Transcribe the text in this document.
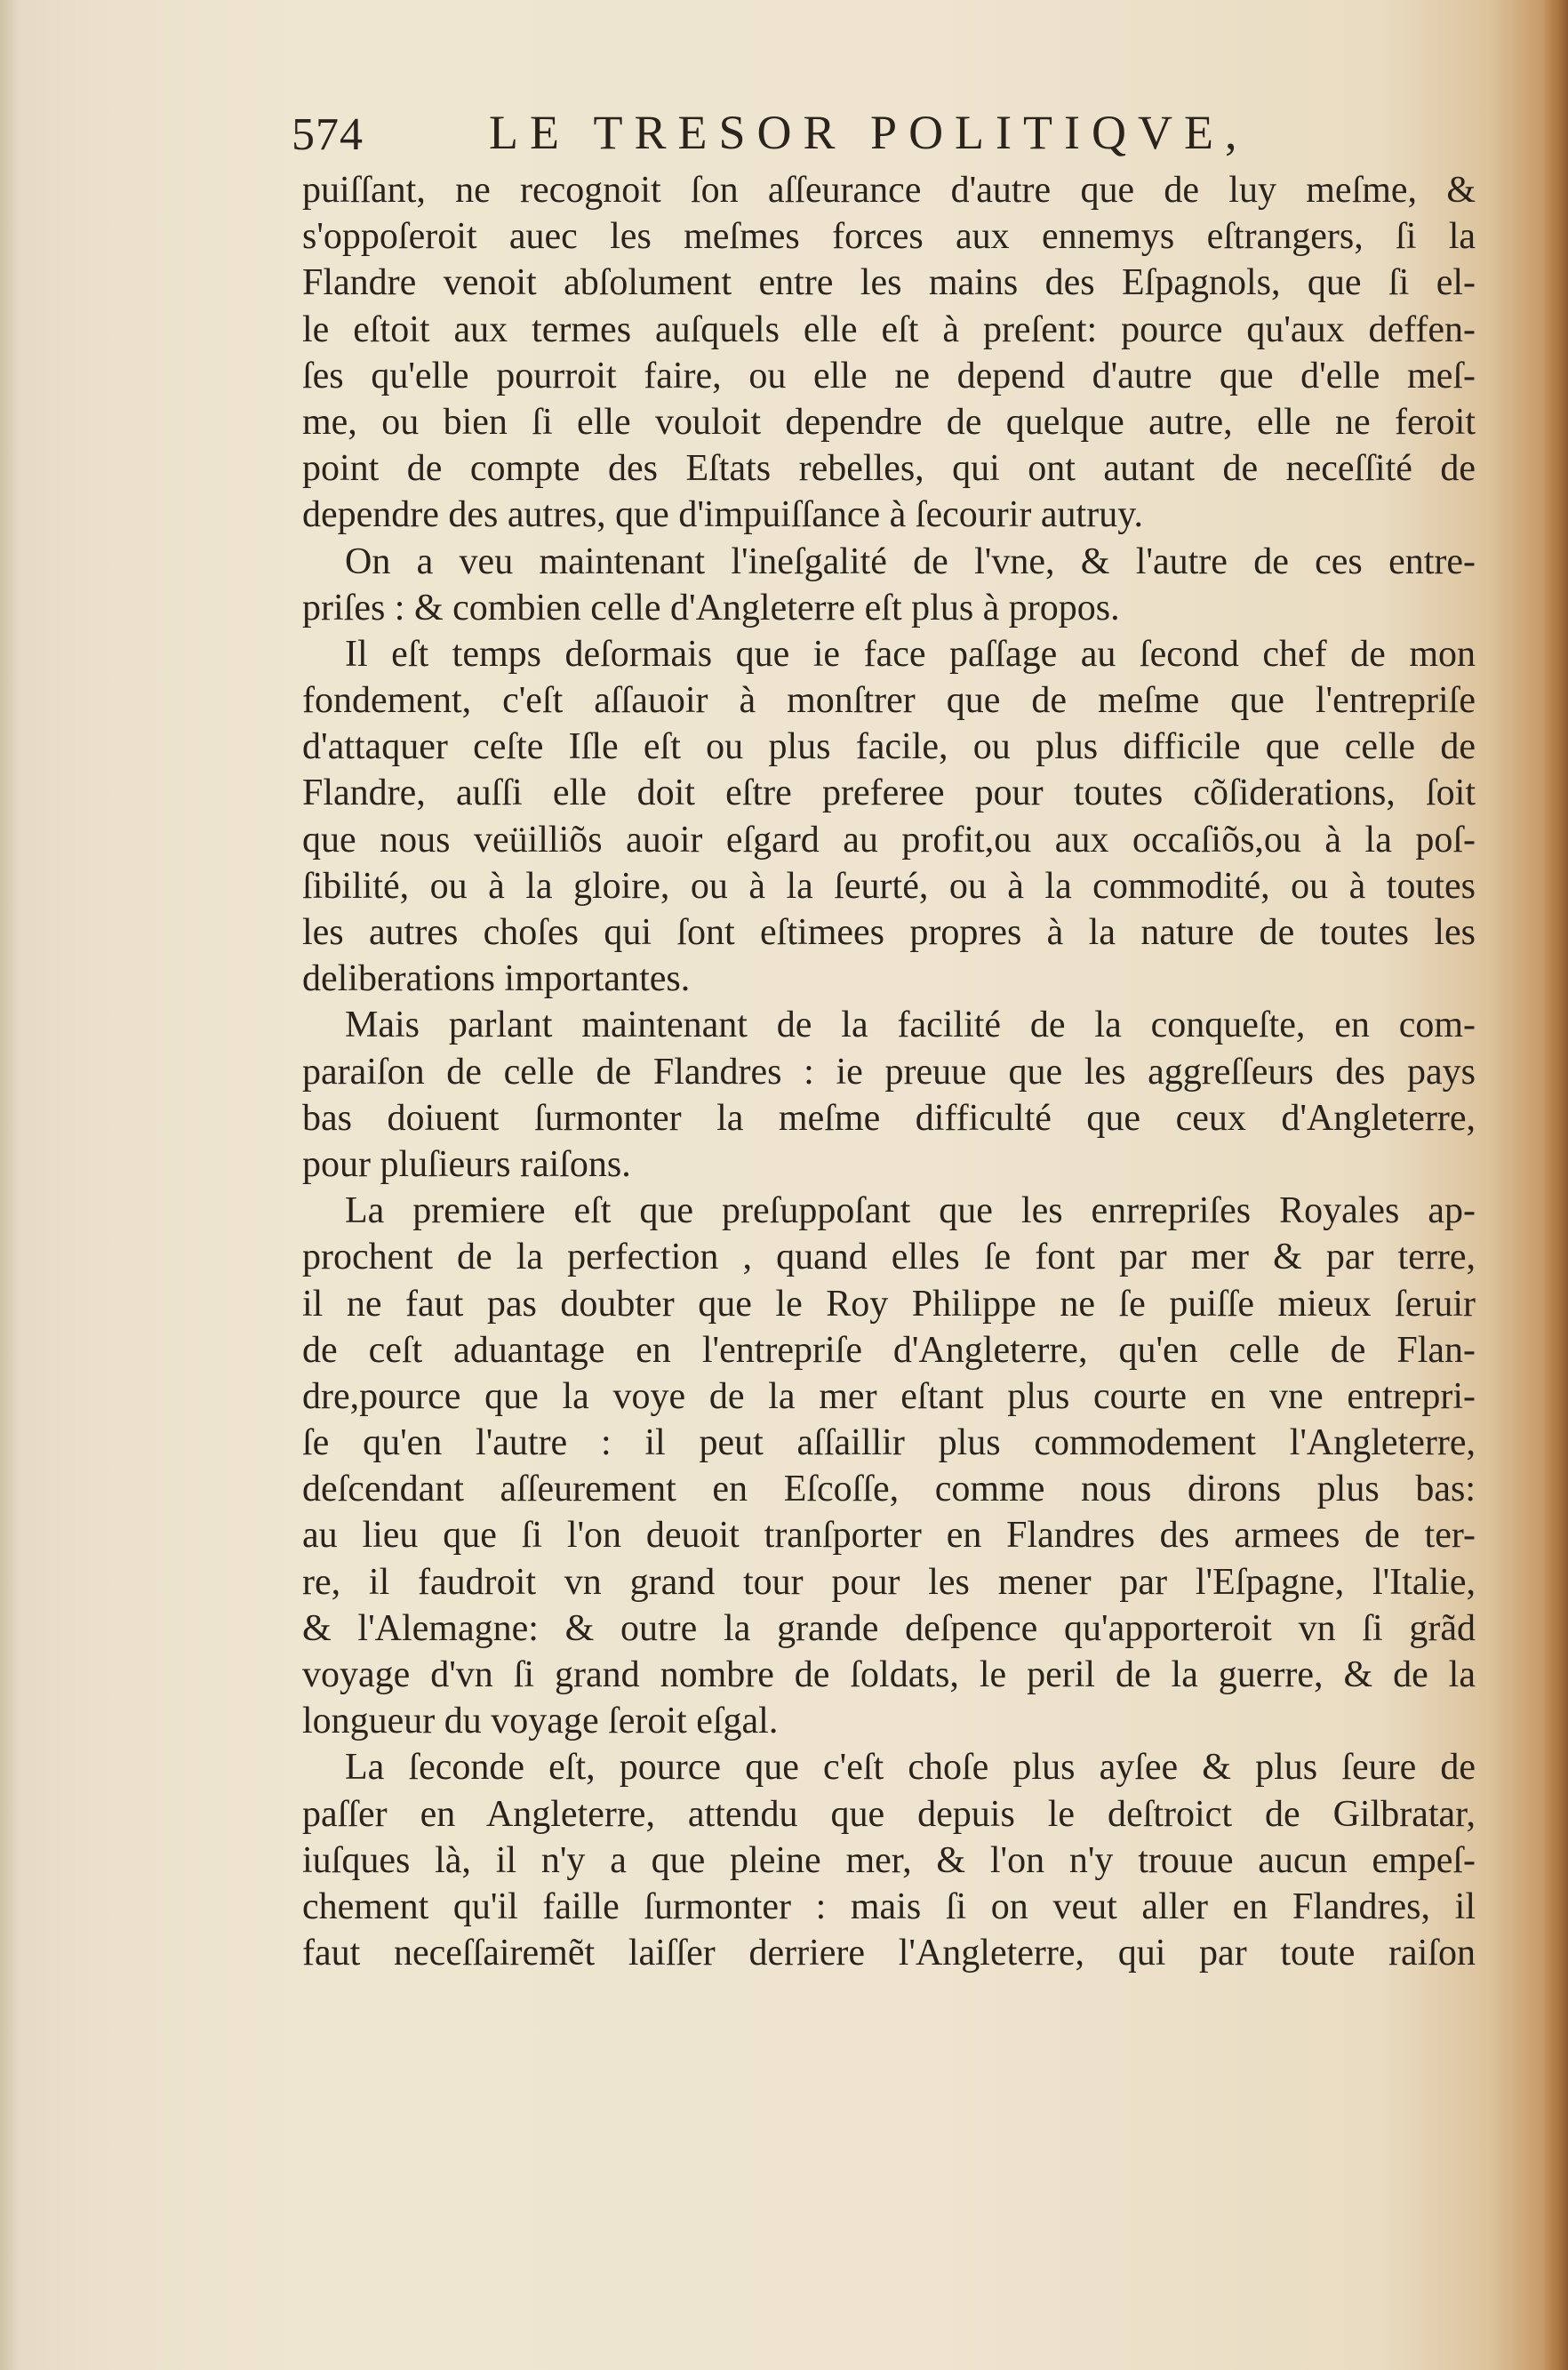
574	LE TRESOR POLITIQVE,
puiſſant, ne recognoit ſon aſſeurance d'autre que de luy meſme, &
s'oppoſeroit auec les meſmes forces aux ennemys eſtrangers, ſi la
Flandre venoit abſolument entre les mains des Eſpagnols, que ſi el-
le eſtoit aux termes auſquels elle eſt à preſent: pource qu'aux deffen-
ſes qu'elle pourroit faire, ou elle ne depend d'autre que d'elle meſ-
me, ou bien ſi elle vouloit dependre de quelque autre, elle ne feroit
point de compte des Eſtats rebelles, qui ont autant de neceſſité de
dependre des autres, que d'impuiſſance à ſecourir autruy.
On a veu maintenant l'ineſgalité de l'vne, & l'autre de ces entre-
priſes : & combien celle d'Angleterre eſt plus à propos.
Il eſt temps deſormais que ie face paſſage au ſecond chef de mon
fondement, c'eſt aſſauoir à monſtrer que de meſme que l'entrepriſe
d'attaquer ceſte Iſle eſt ou plus facile, ou plus difficile que celle de
Flandre, auſſi elle doit eſtre preferee pour toutes cõſiderations, ſoit
que nous veüilliõs auoir eſgard au profit,ou aux occaſiõs,ou à la poſ-
ſibilité, ou à la gloire, ou à la ſeurté, ou à la commodité, ou à toutes
les autres choſes qui ſont eſtimees propres à la nature de toutes les
deliberations importantes.
Mais parlant maintenant de la facilité de la conqueſte, en com-
paraiſon de celle de Flandres : ie preuue que les aggreſſeurs des pays
bas doiuent ſurmonter la meſme difficulté que ceux d'Angleterre,
pour pluſieurs raiſons.
La premiere eſt que preſuppoſant que les enrrepriſes Royales ap-
prochent de la perfection , quand elles ſe font par mer & par terre,
il ne faut pas doubter que le Roy Philippe ne ſe puiſſe mieux ſeruir
de ceſt aduantage en l'entrepriſe d'Angleterre, qu'en celle de Flan-
dre,pource que la voye de la mer eſtant plus courte en vne entrepri-
ſe qu'en l'autre : il peut aſſaillir plus commodement l'Angleterre,
deſcendant aſſeurement en Eſcoſſe, comme nous dirons plus bas:
au lieu que ſi l'on deuoit tranſporter en Flandres des armees de ter-
re, il faudroit vn grand tour pour les mener par l'Eſpagne, l'Italie,
& l'Alemagne: & outre la grande deſpence qu'apporteroit vn ſi grãd
voyage d'vn ſi grand nombre de ſoldats, le peril de la guerre, & de la
longueur du voyage ſeroit eſgal.
La ſeconde eſt, pource que c'eſt choſe plus ayſee & plus ſeure de
paſſer en Angleterre, attendu que depuis le deſtroict de Gilbratar,
iuſques là, il n'y a que pleine mer, & l'on n'y trouue aucun empeſ-
chement qu'il faille ſurmonter : mais ſi on veut aller en Flandres, il
faut neceſſairemẽt laiſſer derriere l'Angleterre, qui par toute raiſon
